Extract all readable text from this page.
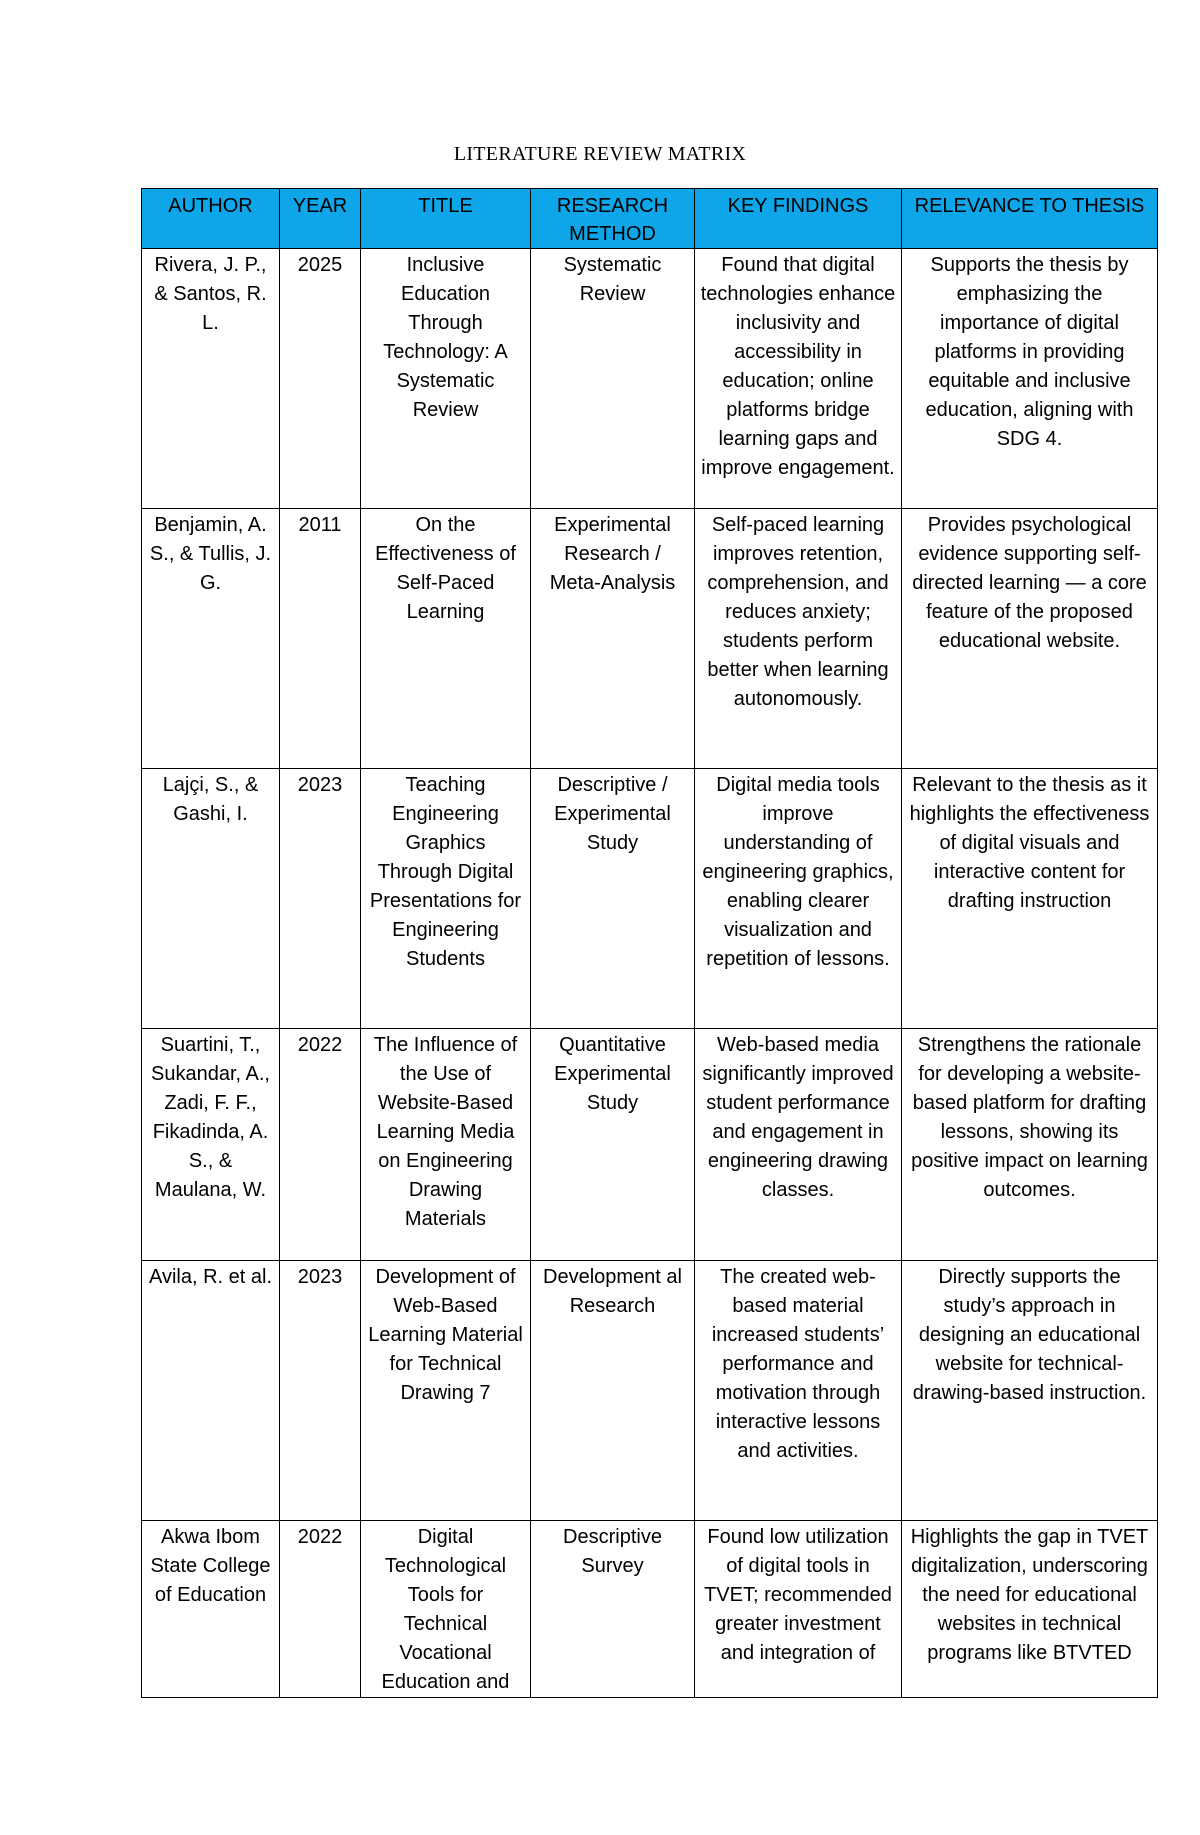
LITERATURE REVIEW MATRIX
AUTHOR	YEAR	TITLE	RESEARCH METHOD	KEY FINDINGS	RELEVANCE TO THESIS
Rivera, J. P., & Santos, R. L.	2025	Inclusive Education Through Technology: A Systematic Review	Systematic Review	Found that digital technologies enhance inclusivity and accessibility in education; online platforms bridge learning gaps and improve engagement.	Supports the thesis by emphasizing the importance of digital platforms in providing equitable and inclusive education, aligning with SDG 4.
Benjamin, A. S., & Tullis, J. G.	2011	On the Effectiveness of Self-Paced Learning	Experimental Research / Meta-Analysis	Self-paced learning improves retention, comprehension, and reduces anxiety; students perform better when learning autonomously.	Provides psychological evidence supporting self-directed learning — a core feature of the proposed educational website.
Lajçi, S., & Gashi, I.	2023	Teaching Engineering Graphics Through Digital Presentations for Engineering Students	Descriptive / Experimental Study	Digital media tools improve understanding of engineering graphics, enabling clearer visualization and repetition of lessons.	Relevant to the thesis as it highlights the effectiveness of digital visuals and interactive content for drafting instruction
Suartini, T., Sukandar, A., Zadi, F. F., Fikadinda, A. S., & Maulana, W.	2022	The Influence of the Use of Website-Based Learning Media on Engineering Drawing Materials	Quantitative Experimental Study	Web-based media significantly improved student performance and engagement in engineering drawing classes.	Strengthens the rationale for developing a website-based platform for drafting lessons, showing its positive impact on learning outcomes.
Avila, R. et al.	2023	Development of Web-Based Learning Material for Technical Drawing 7	Development al Research	The created web-based material increased students’ performance and motivation through interactive lessons and activities.	Directly supports the study’s approach in designing an educational website for technical-drawing-based instruction.
Akwa Ibom State College of Education	2022	Digital Technological Tools for Technical Vocational Education and	Descriptive Survey	Found low utilization of digital tools in TVET; recommended greater investment and integration of	Highlights the gap in TVET digitalization, underscoring the need for educational websites in technical programs like BTVTED
